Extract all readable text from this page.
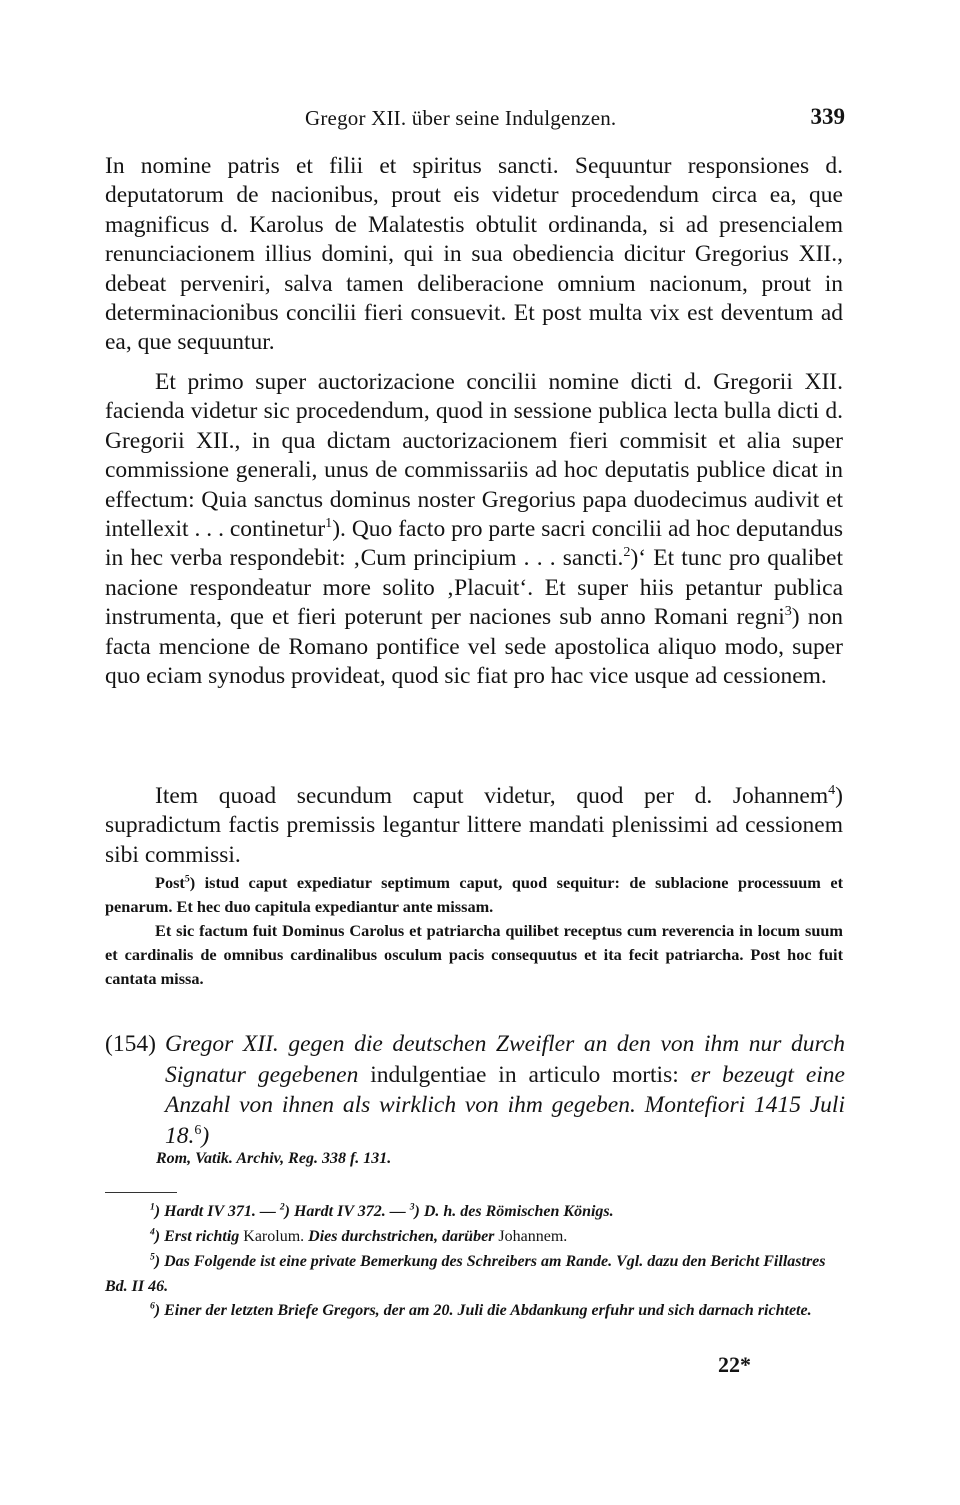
Gregor XII. über seine Indulgenzen.	339

In nomine patris et filii et spiritus sancti. Sequuntur responsiones d. deputatorum de nacionibus, prout eis videtur procedendum circa ea, que magnificus d. Karolus de Malatestis obtulit ordinanda, si ad presencialem renunciacionem illius domini, qui in sua obediencia dicitur Gregorius XII., debeat perveniri, salva tamen deliberacione omnium nacionum, prout in determinacionibus concilii fieri consuevit. Et post multa vix est deventum ad ea, que sequuntur.

Et primo super auctorizacione concilii nomine dicti d. Gregorii XII. facienda videtur sic procedendum, quod in sessione publica lecta bulla dicti d. Gregorii XII., in qua dictam auctorizacionem fieri commisit et alia super commissione generali, unus de commissariis ad hoc deputatis publice dicat in effectum: Quia sanctus dominus noster Gregorius papa duodecimus audivit et intellexit . . . continetur$^1$). Quo facto pro parte sacri concilii ad hoc deputandus in hec verba respondebit: ‚Cum principium . . . sancti.$^2$)‘ Et tunc pro qualibet nacione respondeatur more solito ‚Placuit‘. Et super hiis petantur publica instrumenta, que et fieri poterunt per naciones sub anno Romani regni$^3$) non facta mencione de Romano pontifice vel sede apostolica aliquo modo, super quo eciam synodus provideat, quod sic fiat pro hac vice usque ad cessionem.

Item quoad secundum caput videtur, quod per d. Johannem$^4$) supradictum factis premissis legantur littere mandati plenissimi ad cessionem sibi commissi.

Post$^5$) istud caput expediatur septimum caput, quod sequitur: de sublacione processuum et penarum. Et hec duo capitula expediantur ante missam.

Et sic factum fuit Dominus Carolus et patriarcha quilibet receptus cum reverencia in locum suum et cardinalis de omnibus cardinalibus osculum pacis consequutus et ita fecit patriarcha. Post hoc fuit cantata missa.

(154) Gregor XII. gegen die deutschen Zweifler an den von ihm nur durch Signatur gegebenen indulgentiae in articulo mortis: er bezeugt eine Anzahl von ihnen als wirklich von ihm gegeben. Montefiori 1415 Juli 18.$^6$)

Rom, Vatik. Archiv, Reg. 338 f. 131.

$^1$) Hardt IV 371. — $^2$) Hardt IV 372. — $^3$) D. h. des Römischen Königs.

$^4$) Erst richtig Karolum. Dies durchstrichen, darüber Johannem.

$^5$) Das Folgende ist eine private Bemerkung des Schreibers am Rande. Vgl. dazu den Bericht Fillastres Bd. II 46.

$^6$) Einer der letzten Briefe Gregors, der am 20. Juli die Abdankung erfuhr und sich darnach richtete.

22*
